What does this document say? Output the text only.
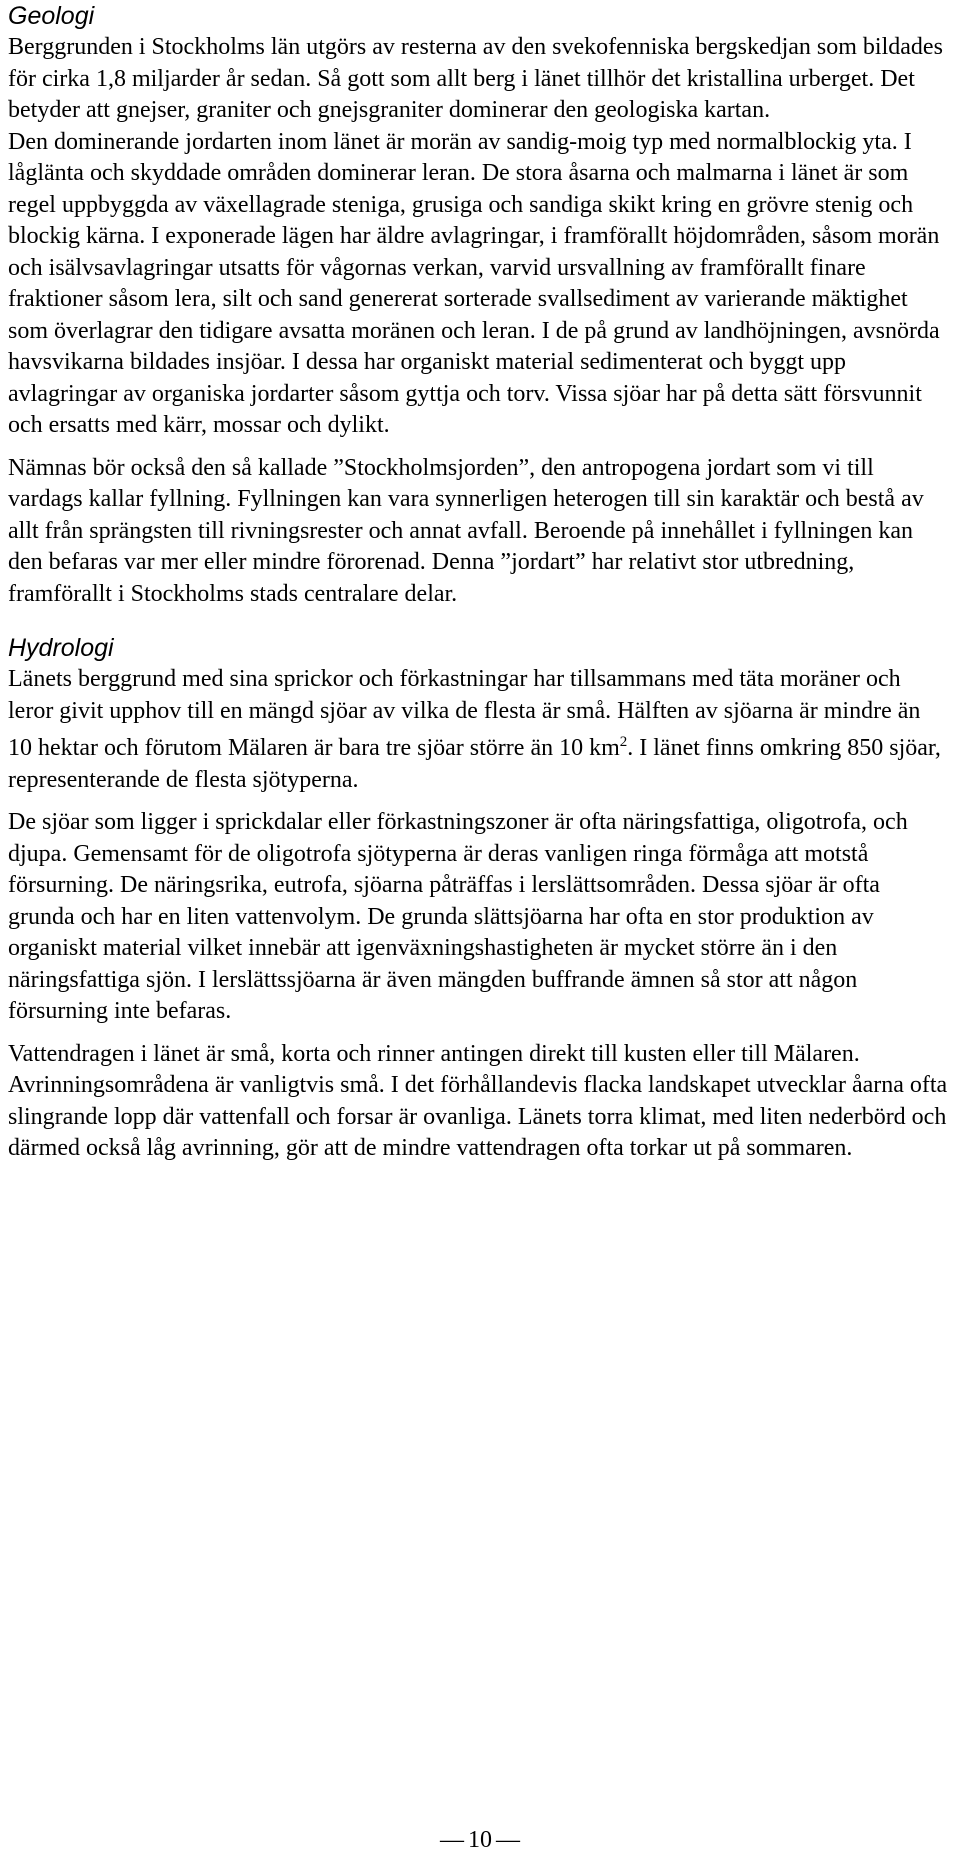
Geologi

Berggrunden i Stockholms län utgörs av resterna av den svekofenniska bergskedjan som bildades för cirka 1,8 miljarder år sedan. Så gott som allt berg i länet tillhör det kristallina urberget. Det betyder att gnejser, graniter och gnejsgraniter dominerar den geologiska kartan.

Den dominerande jordarten inom länet är morän av sandig-moig typ med normalblockig yta. I låglänta och skyddade områden dominerar leran. De stora åsarna och malmarna i länet är som regel uppbyggda av växellagrade steniga, grusiga och sandiga skikt kring en grövre stenig och blockig kärna. I exponerade lägen har äldre avlagringar, i framförallt höjdområden, såsom morän och isälvsavlagringar utsatts för vågornas verkan, varvid ursvallning av framförallt finare fraktioner såsom lera, silt och sand genererat sorterade svallsediment av varierande mäktighet som överlagrar den tidigare avsatta moränen och leran. I de på grund av landhöjningen, avsnörda havsvikarna bildades insjöar. I dessa har organiskt material sedimenterat och byggt upp avlagringar av organiska jordarter såsom gyttja och torv. Vissa sjöar har på detta sätt försvunnit och ersatts med kärr, mossar och dylikt.

Nämnas bör också den så kallade ”Stockholmsjorden”, den antropogena jordart som vi till vardags kallar fyllning. Fyllningen kan vara synnerligen heterogen till sin karaktär och bestå av allt från sprängsten till rivningsrester och annat avfall. Beroende på innehållet i fyllningen kan den befaras var mer eller mindre förorenad. Denna ”jordart” har relativt stor utbredning, framförallt i Stockholms stads centralare delar.

Hydrologi

Länets berggrund med sina sprickor och förkastningar har tillsammans med täta moräner och leror givit upphov till en mängd sjöar av vilka de flesta är små. Hälften av sjöarna är mindre än 10 hektar och förutom Mälaren är bara tre sjöar större än 10 $km^2$. I länet finns omkring 850 sjöar, representerande de flesta sjötyperna.

De sjöar som ligger i sprickdalar eller förkastningszoner är ofta näringsfattiga, oligotrofa, och djupa. Gemensamt för de oligotrofa sjötyperna är deras vanligen ringa förmåga att motstå försurning. De näringsrika, eutrofa, sjöarna påträffas i lerslättsområden. Dessa sjöar är ofta grunda och har en liten vattenvolym. De grunda slättsjöarna har ofta en stor produktion av organiskt material vilket innebär att igenväxningshastigheten är mycket större än i den näringsfattiga sjön. I lerslättssjöarna är även mängden buffrande ämnen så stor att någon försurning inte befaras.

Vattendragen i länet är små, korta och rinner antingen direkt till kusten eller till Mälaren. Avrinningsområdena är vanligtvis små. I det förhållandevis flacka landskapet utvecklar åarna ofta slingrande lopp där vattenfall och forsar är ovanliga. Länets torra klimat, med liten nederbörd och därmed också låg avrinning, gör att de mindre vattendragen ofta torkar ut på sommaren.

— 10 —
